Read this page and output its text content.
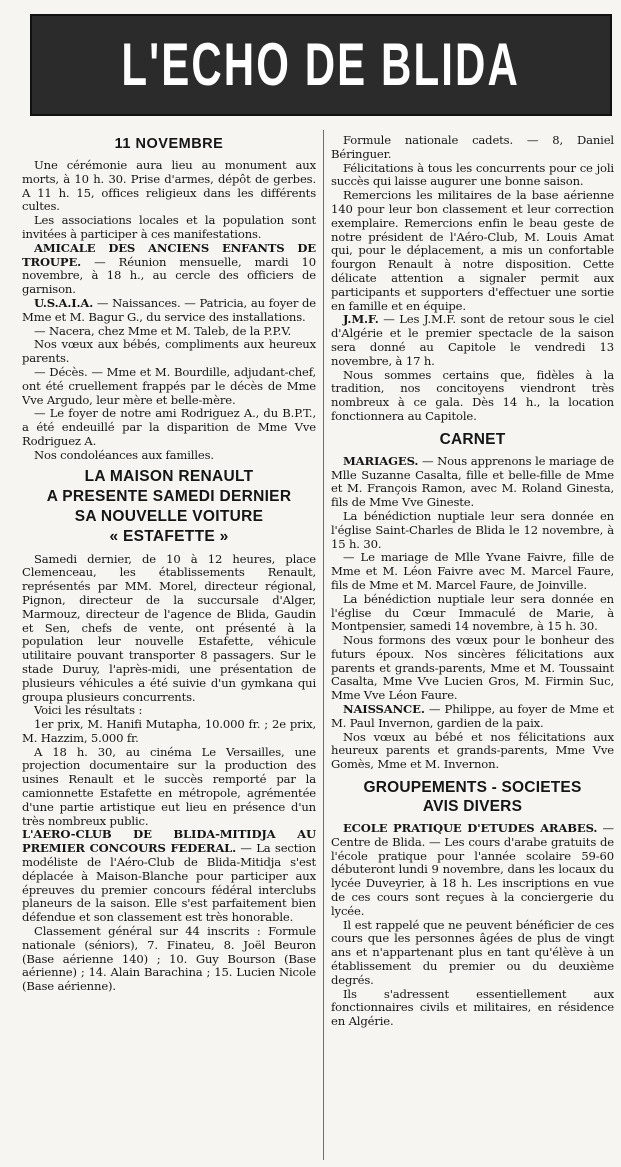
L'ECHO DE BLIDA
11 NOVEMBRE

Une cérémonie aura lieu au monument aux morts, à 10 h. 30. Prise d'armes, dépôt de gerbes. A 11 h. 15, offices religieux dans les différents cultes.

Les associations locales et la population sont invitées à participer à ces manifestations.

AMICALE DES ANCIENS ENFANTS DE TROUPE. — Réunion mensuelle, mardi 10 novembre, à 18 h., au cercle des officiers de garnison.

U.S.A.I.A. — Naissances. — Patricia, au foyer de Mme et M. Bagur G., du service des installations.

— Nacera, chez Mme et M. Taleb, de la P.P.V.

Nos vœux aux bébés, compliments aux heureux parents.

— Décès. — Mme et M. Bourdille, adjudant-chef, ont été cruellement frappés par le décès de Mme Vve Argudo, leur mère et belle-mère.

— Le foyer de notre ami Rodriguez A., du B.P.T., a été endeuillé par la disparition de Mme Vve Rodriguez A.

Nos condoléances aux familles.

LA MAISON RENAULT
A PRESENTE SAMEDI DERNIER
SA NOUVELLE VOITURE
« ESTAFETTE »

Samedi dernier, de 10 à 12 heures, place Clemenceau, les établissements Renault, représentés par MM. Morel, directeur régional, Pignon, directeur de la succursale d'Alger, Marmouz, directeur de l'agence de Blida, Gaudin et Sen, chefs de vente, ont présenté à la population leur nouvelle Estafette, véhicule utilitaire pouvant transporter 8 passagers. Sur le stade Duruy, l'après-midi, une présentation de plusieurs véhicules a été suivie d'un gymkana qui groupa plusieurs concurrents.

Voici les résultats :

1er prix, M. Hanifi Mutapha, 10.000 fr. ; 2e prix, M. Hazzim, 5.000 fr.

A 18 h. 30, au cinéma Le Versailles, une projection documentaire sur la production des usines Renault et le succès remporté par la camionnette Estafette en métropole, agrémentée d'une partie artistique eut lieu en présence d'un très nombreux public.

L'AERO-CLUB DE BLIDA-MITIDJA AU PREMIER CONCOURS FEDERAL. — La section modéliste de l'Aéro-Club de Blida-Mitidja s'est déplacée à Maison-Blanche pour participer aux épreuves du premier concours fédéral interclubs planeurs de la saison. Elle s'est parfaitement bien défendue et son classement est très honorable.

Classement général sur 44 inscrits : Formule nationale (séniors), 7. Finateu, 8. Joël Beuron (Base aérienne 140) ; 10. Guy Bourson (Base aérienne) ; 14. Alain Barachina ; 15. Lucien Nicole (Base aérienne).

Formule nationale cadets. — 8, Daniel Béringuer.

Félicitations à tous les concurrents pour ce joli succès qui laisse augurer une bonne saison.

Remercions les militaires de la base aérienne 140 pour leur bon classement et leur correction exemplaire. Remercions enfin le beau geste de notre président de l'Aéro-Club, M. Louis Amat qui, pour le déplacement, a mis un confortable fourgon Renault à notre disposition. Cette délicate attention a signaler permit aux participants et supporters d'effectuer une sortie en famille et en équipe.

J.M.F. — Les J.M.F. sont de retour sous le ciel d'Algérie et le premier spectacle de la saison sera donné au Capitole le vendredi 13 novembre, à 17 h.

Nous sommes certains que, fidèles à la tradition, nos concitoyens viendront très nombreux à ce gala. Dès 14 h., la location fonctionnera au Capitole.

CARNET

MARIAGES. — Nous apprenons le mariage de Mlle Suzanne Casalta, fille et belle-fille de Mme et M. François Ramon, avec M. Roland Ginesta, fils de Mme Vve Gineste.

La bénédiction nuptiale leur sera donnée en l'église Saint-Charles de Blida le 12 novembre, à 15 h. 30.

— Le mariage de Mlle Yvane Faivre, fille de Mme et M. Léon Faivre avec M. Marcel Faure, fils de Mme et M. Marcel Faure, de Joinville.

La bénédiction nuptiale leur sera donnée en l'église du Cœur Immaculé de Marie, à Montpensier, samedi 14 novembre, à 15 h. 30.

Nous formons des vœux pour le bonheur des futurs époux. Nos sincères félicitations aux parents et grands-parents, Mme et M. Toussaint Casalta, Mme Vve Lucien Gros, M. Firmin Suc, Mme Vve Léon Faure.

NAISSANCE. — Philippe, au foyer de Mme et M. Paul Invernon, gardien de la paix.

Nos vœux au bébé et nos félicitations aux heureux parents et grands-parents, Mme Vve Gomès, Mme et M. Invernon.

GROUPEMENTS - SOCIETES
AVIS DIVERS

ECOLE PRATIQUE D'ETUDES ARABES. — Centre de Blida. — Les cours d'arabe gratuits de l'école pratique pour l'année scolaire 59-60 débuteront lundi 9 novembre, dans les locaux du lycée Duveyrier, à 18 h. Les inscriptions en vue de ces cours sont reçues à la conciergerie du lycée.

Il est rappelé que ne peuvent bénéficier de ces cours que les personnes âgées de plus de vingt ans et n'appartenant plus en tant qu'élève à un établissement du premier ou du deuxième degrés.

Ils s'adressent essentiellement aux fonctionnaires civils et militaires, en résidence en Algérie.
